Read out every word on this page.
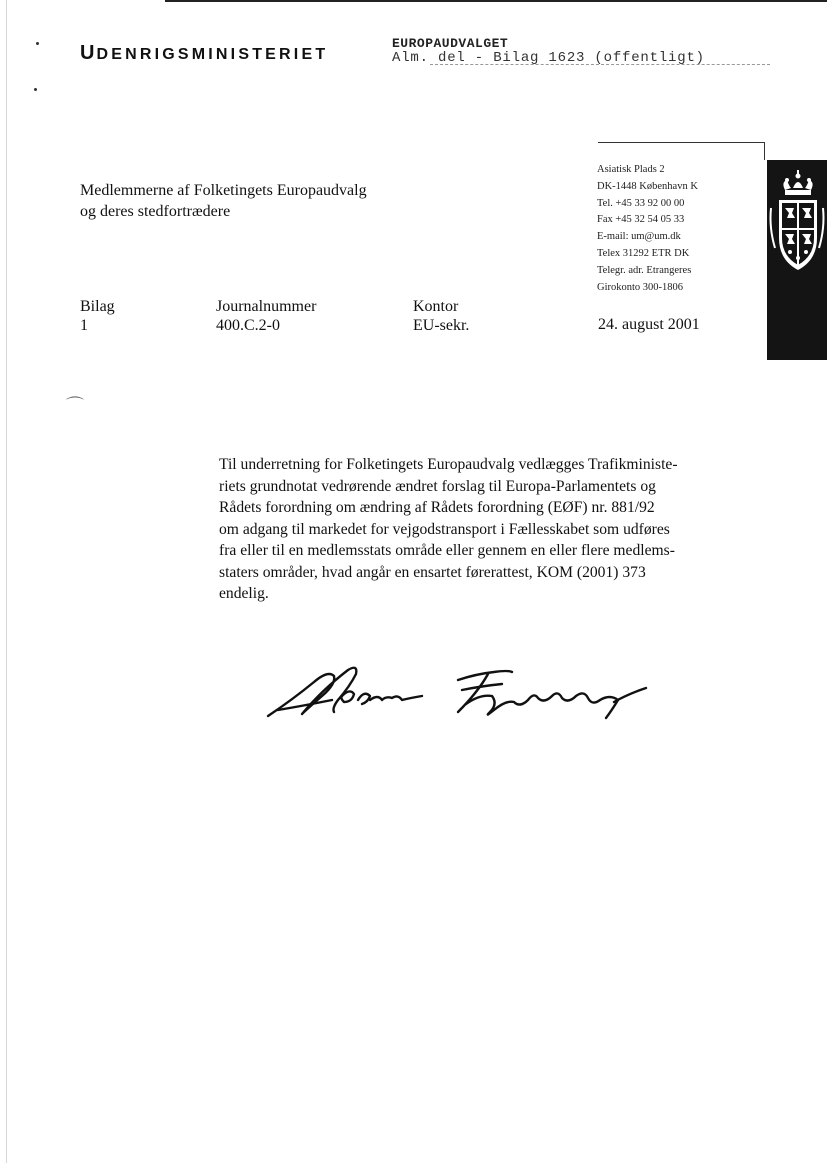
UDENRIGSMINISTERIET
EUROPAUDVALGET
Alm. del - Bilag 1623 (offentligt)
Medlemmerne af Folketingets Europaudvalg
og deres stedfortrædere
Asiatisk Plads 2
DK-1448 København K
Tel. +45 33 92 00 00
Fax +45 32 54 05 33
E-mail: um@um.dk
Telex 31292 ETR DK
Telegr. adr. Etrangeres
Girokonto 300-1806
Bilag
1
Journalnummer
400.C.2-0
Kontor
EU-sekr.	24. august 2001
⌒
Til underretning for Folketingets Europaudvalg vedlægges Trafikministe-
riets grundnotat vedrørende ændret forslag til Europa-Parlamentets og
Rådets forordning om ændring af Rådets forordning (EØF) nr. 881/92
om adgang til markedet for vejgodstransport i Fællesskabet som udføres
fra eller til en medlemsstats område eller gennem en eller flere medlems-
staters områder, hvad angår en ensartet førerattest, KOM (2001) 373
endelig.
